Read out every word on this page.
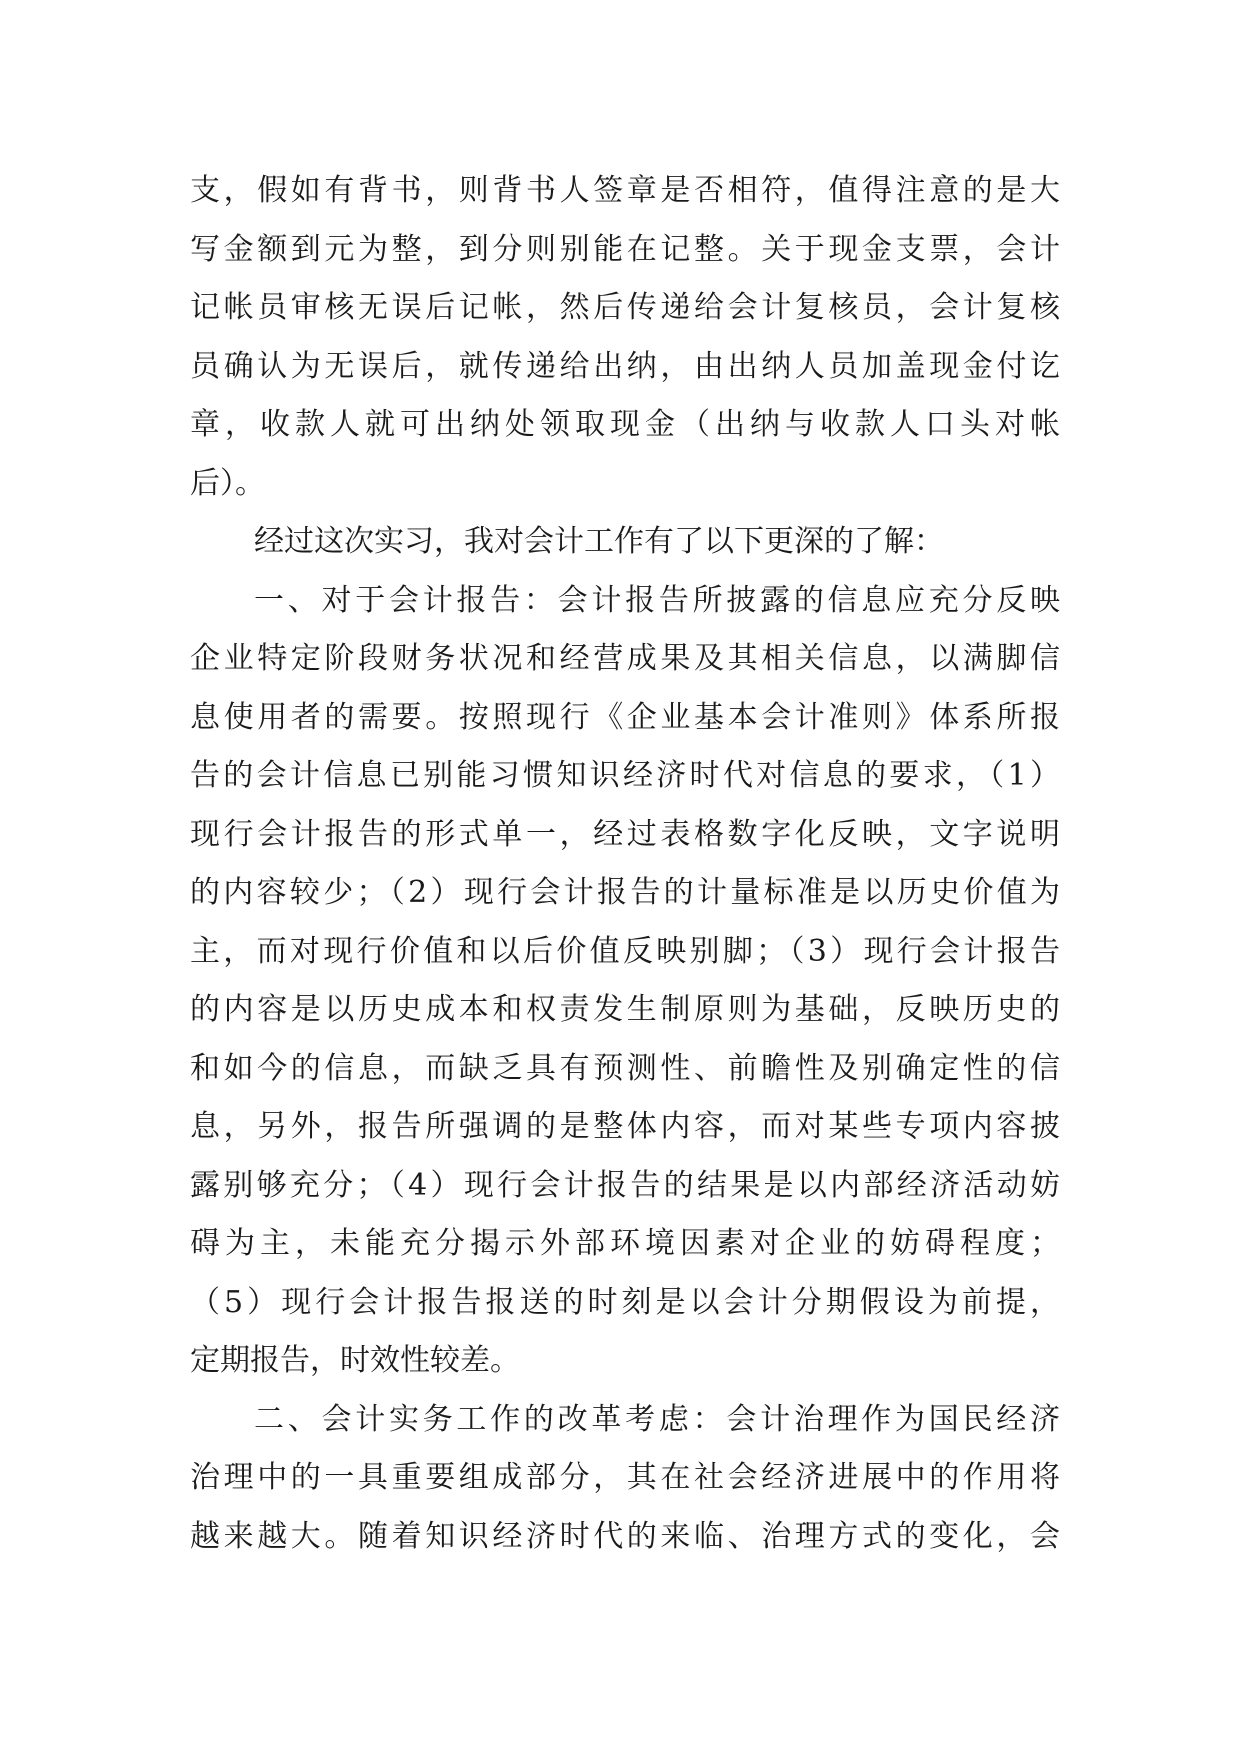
支，假如有背书，则背书人签章是否相符，值得注意的是大
写金额到元为整，到分则别能在记整。关于现金支票，会计
记帐员审核无误后记帐，然后传递给会计复核员，会计复核
员确认为无误后，就传递给出纳，由出纳人员加盖现金付讫
章，收款人就可出纳处领取现金（出纳与收款人口头对帐
后）。
经过这次实习，我对会计工作有了以下更深的了解：
一、对于会计报告：会计报告所披露的信息应充分反映
企业特定阶段财务状况和经营成果及其相关信息，以满脚信
息使用者的需要。按照现行《企业基本会计准则》体系所报
告的会计信息已别能习惯知识经济时代对信息的要求，（1）
现行会计报告的形式单一，经过表格数字化反映，文字说明
的内容较少；（2）现行会计报告的计量标准是以历史价值为
主，而对现行价值和以后价值反映别脚；（3）现行会计报告
的内容是以历史成本和权责发生制原则为基础，反映历史的
和如今的信息，而缺乏具有预测性、前瞻性及别确定性的信
息，另外，报告所强调的是整体内容，而对某些专项内容披
露别够充分；（4）现行会计报告的结果是以内部经济活动妨
碍为主，未能充分揭示外部环境因素对企业的妨碍程度；
（5）现行会计报告报送的时刻是以会计分期假设为前提，
定期报告，时效性较差。
二、会计实务工作的改革考虑：会计治理作为国民经济
治理中的一具重要组成部分，其在社会经济进展中的作用将
越来越大。随着知识经济时代的来临、治理方式的变化，会
